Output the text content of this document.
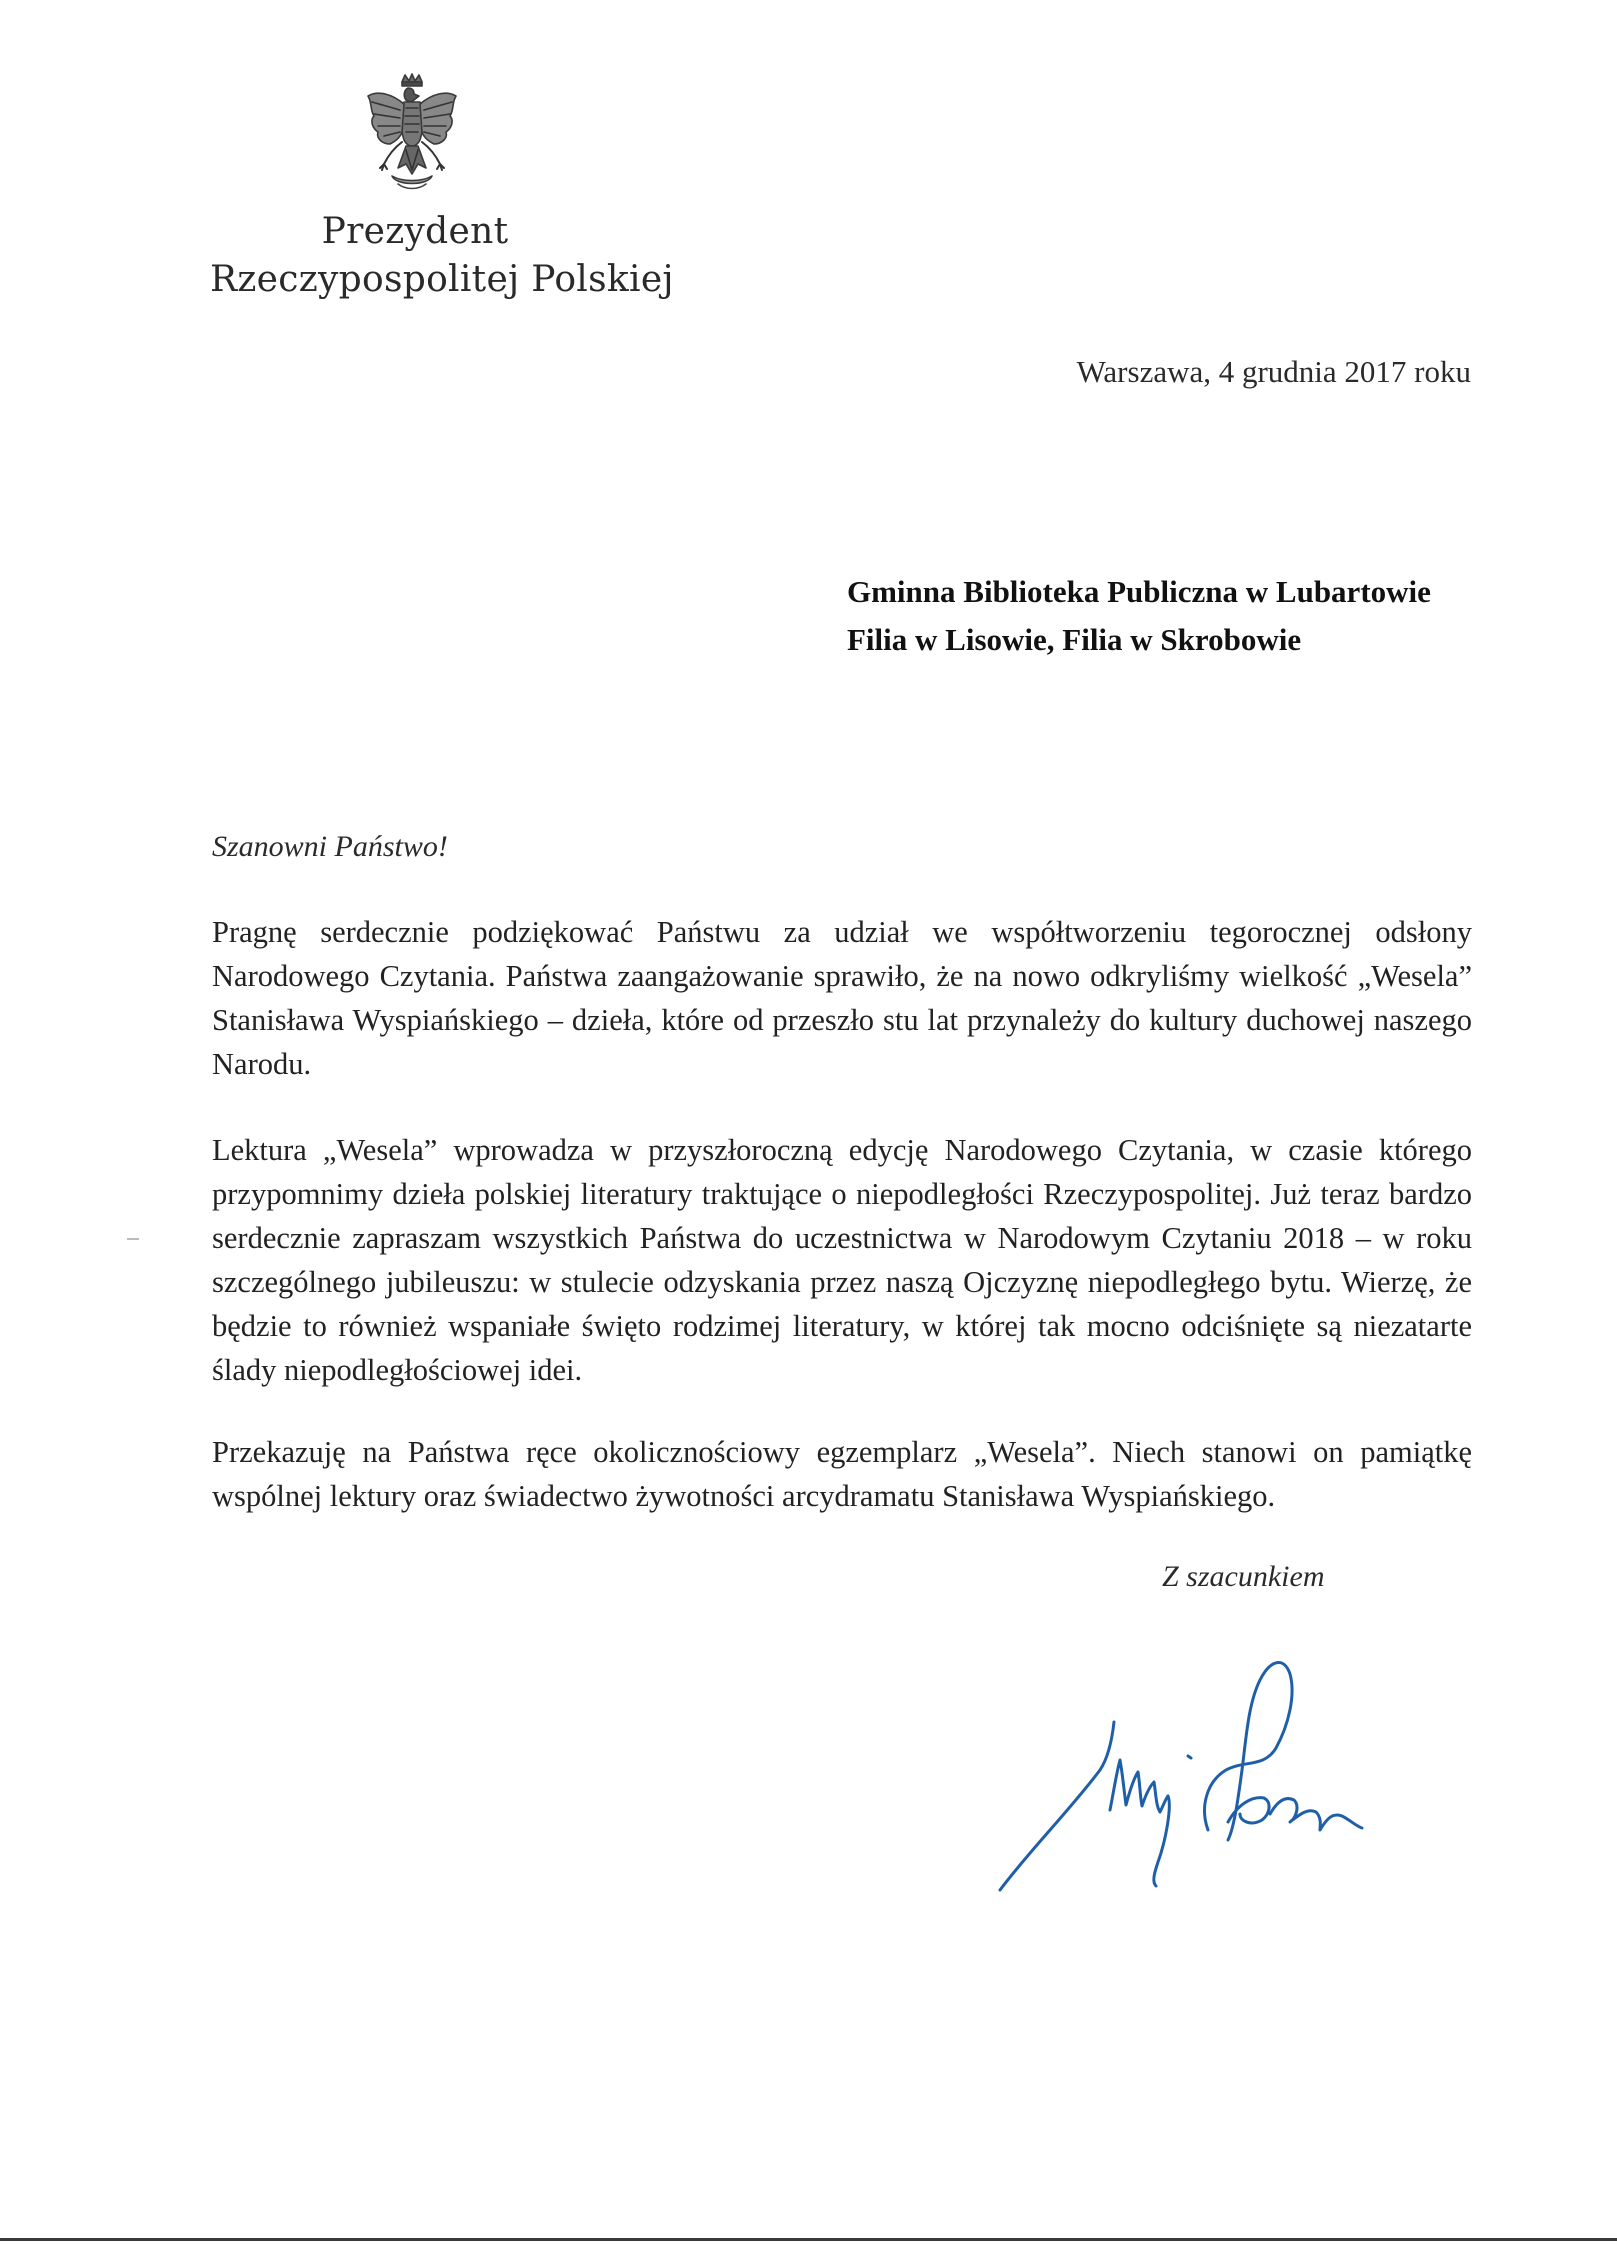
Prezydent
Rzeczypospolitej Polskiej
Warszawa, 4 grudnia 2017 roku
Gminna Biblioteka Publiczna w Lubartowie
Filia w Lisowie, Filia w Skrobowie
Szanowni Państwo!

Pragnę serdecznie podziękować Państwu za udział we współtworzeniu tegorocznej odsłony Narodowego Czytania. Państwa zaangażowanie sprawiło, że na nowo odkryliśmy wielkość „Wesela” Stanisława Wyspiańskiego – dzieła, które od przeszło stu lat przynależy do kultury duchowej naszego Narodu.

Lektura „Wesela” wprowadza w przyszłoroczną edycję Narodowego Czytania, w czasie którego przypomnimy dzieła polskiej literatury traktujące o niepodległości Rzeczypospolitej. Już teraz bardzo serdecznie zapraszam wszystkich Państwa do uczestnictwa w Narodowym Czytaniu 2018 – w roku szczególnego jubileuszu: w stulecie odzyskania przez naszą Ojczyznę niepodległego bytu. Wierzę, że będzie to również wspaniałe święto rodzimej literatury, w której tak mocno odciśnięte są niezatarte ślady niepodległościowej idei.

Przekazuję na Państwa ręce okolicznościowy egzemplarz „Wesela”. Niech stanowi on pamiątkę wspólnej lektury oraz świadectwo żywotności arcydramatu Stanisława Wyspiańskiego.

Z szacunkiem
